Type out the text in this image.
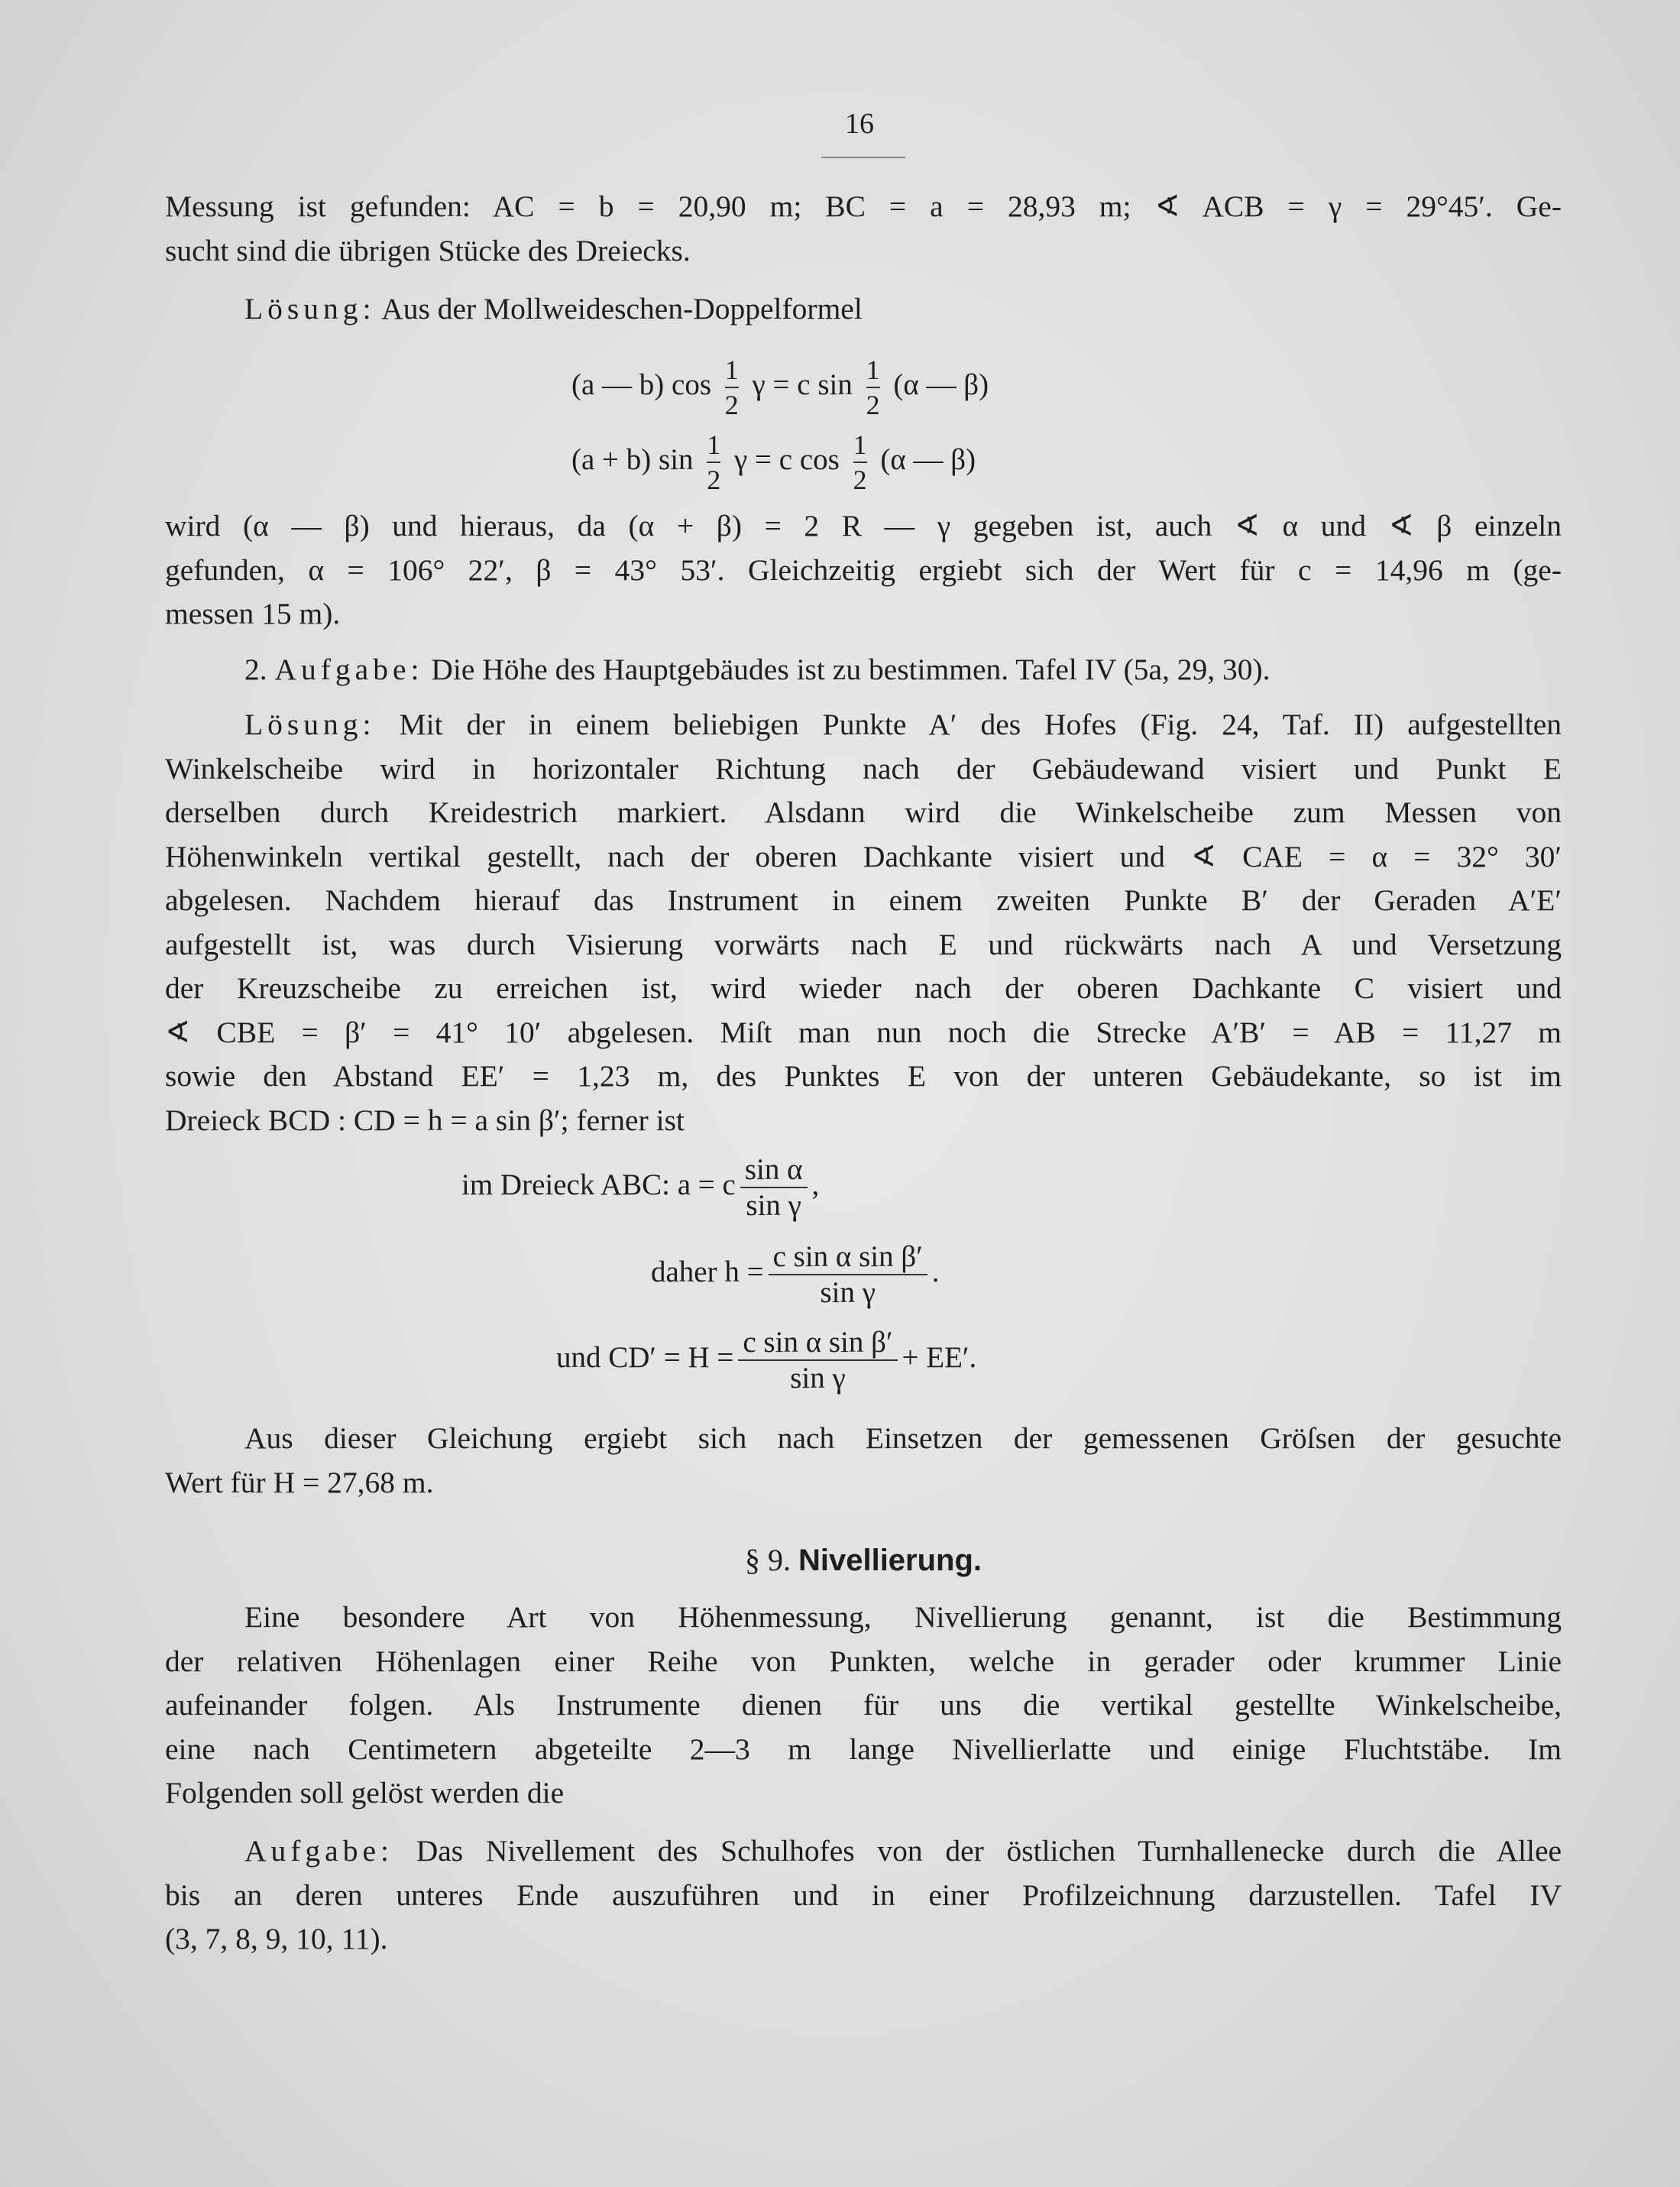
16
Messung ist gefunden: AC = b = 20,90 m; BC = a = 28,93 m; ∢ ACB = γ = 29°45′. Ge-
sucht sind die übrigen Stücke des Dreiecks.
Lösung: Aus der Mollweideschen-Doppelformel
(a — b) $\cos \frac{1}{2}$ γ = c $\sin \frac{1}{2} (\alpha$ — β)
(a + b) $\sin \frac{1}{2}$ γ = c $\cos \frac{1}{2} (\alpha$ — β)
wird (α — β) und hieraus, da (α + β) = 2 R — γ gegeben ist, auch ∢ α und ∢ β einzeln
gefunden, α = 106° 22′, β = 43° 53′. Gleichzeitig ergiebt sich der Wert für c = 14,96 m (ge-
messen 15 m).
2. Aufgabe: Die Höhe des Hauptgebäudes ist zu bestimmen. Tafel IV (5a, 29, 30).
Lösung: Mit der in einem beliebigen Punkte A′ des Hofes (Fig. 24, Taf. II) aufgestellten
Winkelscheibe wird in horizontaler Richtung nach der Gebäudewand visiert und Punkt E
derselben durch Kreidestrich markiert. Alsdann wird die Winkelscheibe zum Messen von
Höhenwinkeln vertikal gestellt, nach der oberen Dachkante visiert und ∢ CAE = α = 32° 30′
abgelesen. Nachdem hierauf das Instrument in einem zweiten Punkte B′ der Geraden A′E′
aufgestellt ist, was durch Visierung vorwärts nach E und rückwärts nach A und Versetzung
der Kreuzscheibe zu erreichen ist, wird wieder nach der oberen Dachkante C visiert und
∢ CBE = β′ = 41° 10′ abgelesen. Miſt man nun noch die Strecke A′B′ = AB = 11,27 m
sowie den Abstand EE′ = 1,23 m, des Punktes E von der unteren Gebäudekante, so ist im
Dreieck BCD : CD = h = a sin β′; ferner ist
im Dreieck ABC: a = c $\frac{\text{sin α}}{\text{sin γ}}$ ,
daher $h = \frac{\text{c sin α sin β′}}{\text{sin γ}}$ .
und $CD' = H = \frac{\text{c sin α sin β′}}{\text{sin γ}} + EE'$.
Aus dieser Gleichung ergiebt sich nach Einsetzen der gemessenen Gröſsen der gesuchte
Wert für H = 27,68 m.
§ 9. Nivellierung.
Eine besondere Art von Höhenmessung, Nivellierung genannt, ist die Bestimmung
der relativen Höhenlagen einer Reihe von Punkten, welche in gerader oder krummer Linie
aufeinander folgen. Als Instrumente dienen für uns die vertikal gestellte Winkelscheibe,
eine nach Centimetern abgeteilte 2—3 m lange Nivellierlatte und einige Fluchtstäbe. Im
Folgenden soll gelöst werden die
Aufgabe: Das Nivellement des Schulhofes von der östlichen Turnhallenecke durch die Allee
bis an deren unteres Ende auszuführen und in einer Profilzeichnung darzustellen. Tafel IV
(3, 7, 8, 9, 10, 11).
